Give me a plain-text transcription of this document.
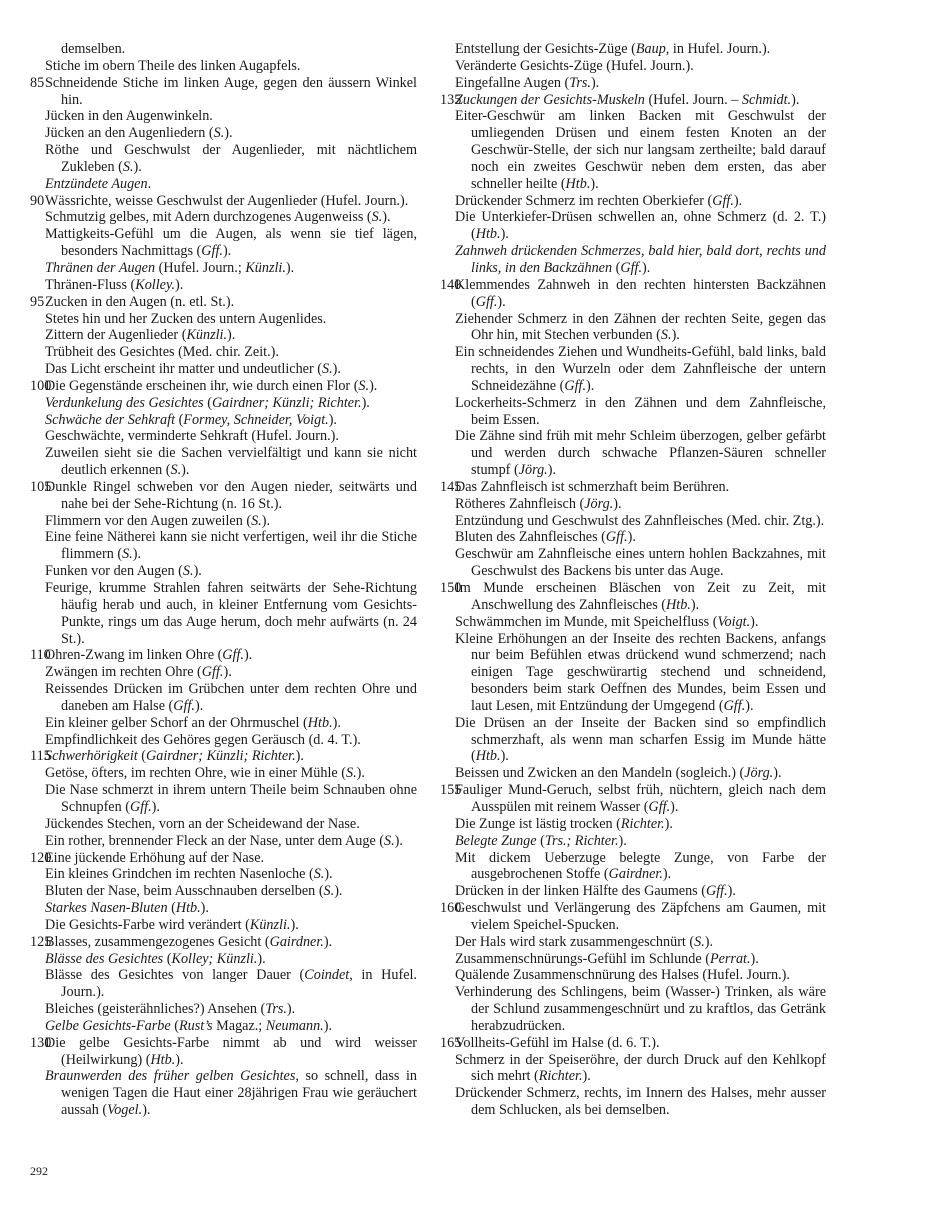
demselben.

Stiche im obern Theile des linken Augapfels.

85 Schneidende Stiche im linken Auge, gegen den äussern Winkel hin.

Jücken in den Augenwinkeln.

Jücken an den Augenliedern (S.).

Röthe und Geschwulst der Augenlieder, mit nächtlichem Zukleben (S.).

Entzündete Augen.

90 Wässrichte, weisse Geschwulst der Augenlieder (Hufel. Journ.).

Schmutzig gelbes, mit Adern durchzogenes Augenweiss (S.).

Mattigkeits-Gefühl um die Augen, als wenn sie tief lägen, besonders Nachmittags (Gff.).

Thränen der Augen (Hufel. Journ.; Künzli.).

Thränen-Fluss (Kolley.).

95 Zucken in den Augen (n. etl. St.).

Stetes hin und her Zucken des untern Augenlides.

Zittern der Augenlieder (Künzli.).

Trübheit des Gesichtes (Med. chir. Zeit.).

Das Licht erscheint ihr matter und undeutlicher (S.).

100
Die Gegenstände erscheinen ihr, wie durch einen Flor (S.).

Verdunkelung des Gesichtes (Gairdner; Künzli; Richter.).

Schwäche der Sehkraft (Formey, Schneider, Voigt.).

Geschwächte, verminderte Sehkraft (Hufel. Journ.).

Zuweilen sieht sie die Sachen vervielfältigt und kann sie nicht deutlich erkennen (S.).

105
Dunkle Ringel schweben vor den Augen nieder, seitwärts und nahe bei der Sehe-Richtung (n. 16 St.).

Flimmern vor den Augen zuweilen (S.).

Eine feine Nätherei kann sie nicht verfertigen, weil ihr die Stiche flimmern (S.).

Funken vor den Augen (S.).

Feurige, krumme Strahlen fahren seitwärts der Sehe-Richtung häufig herab und auch, in kleiner Entfernung vom Gesichts-Punkte, rings um das Auge herum, doch mehr aufwärts (n. 24 St.).

110
Ohren-Zwang im linken Ohre (Gff.).

Zwängen im rechten Ohre (Gff.).

Reissendes Drücken im Grübchen unter dem rechten Ohre und daneben am Halse (Gff.).

Ein kleiner gelber Schorf an der Ohrmuschel (Htb.).

Empfindlichkeit des Gehöres gegen Geräusch (d. 4. T.).

115
Schwerhörigkeit (Gairdner; Künzli; Richter.).

Getöse, öfters, im rechten Ohre, wie in einer Mühle (S.).

Die Nase schmerzt in ihrem untern Theile beim Schnauben ohne Schnupfen (Gff.).

Jückendes Stechen, vorn an der Scheidewand der Nase.

Ein rother, brennender Fleck an der Nase, unter dem Auge (S.).

120
Eine jückende Erhöhung auf der Nase.

Ein kleines Grindchen im rechten Nasenloche (S.).

Bluten der Nase, beim Ausschnauben derselben (S.).

Starkes Nasen-Bluten (Htb.).

Die Gesichts-Farbe wird verändert (Künzli.).

125
Blasses, zusammengezogenes Gesicht (Gairdner.).

Blässe des Gesichtes (Kolley; Künzli.).

Blässe des Gesichtes von langer Dauer (Coindet, in Hufel. Journ.).

Bleiches (geisterähnliches?) Ansehen (Trs.).

Gelbe Gesichts-Farbe (Rust’s Magaz.; Neumann.).

130
Die gelbe Gesichts-Farbe nimmt ab und wird weisser (Heilwirkung) (Htb.).

Braunwerden des früher gelben Gesichtes, so schnell, dass in wenigen Tagen die Haut einer 28jährigen Frau wie geräuchert aussah (Vogel.).

Entstellung der Gesichts-Züge (Baup, in Hufel. Journ.).

Veränderte Gesichts-Züge (Hufel. Journ.).

Eingefallne Augen (Trs.).

135
Zuckungen der Gesichts-Muskeln (Hufel. Journ. – Schmidt.).

Eiter-Geschwür am linken Backen mit Geschwulst der umliegenden Drüsen und einem festen Knoten an der Geschwür-Stelle, der sich nur langsam zertheilte; bald darauf noch ein zweites Geschwür neben dem ersten, das aber schneller heilte (Htb.).

Drückender Schmerz im rechten Oberkiefer (Gff.).

Die Unterkiefer-Drüsen schwellen an, ohne Schmerz (d. 2. T.) (Htb.).

Zahnweh drückenden Schmerzes, bald hier, bald dort, rechts und links, in den Backzähnen (Gff.).

140
Klemmendes Zahnweh in den rechten hintersten Backzähnen (Gff.).

Ziehender Schmerz in den Zähnen der rechten Seite, gegen das Ohr hin, mit Stechen verbunden (S.).

Ein schneidendes Ziehen und Wundheits-Gefühl, bald links, bald rechts, in den Wurzeln oder dem Zahnfleische der untern Schneidezähne (Gff.).

Lockerheits-Schmerz in den Zähnen und dem Zahnfleische, beim Essen.

Die Zähne sind früh mit mehr Schleim überzogen, gelber gefärbt und werden durch schwache Pflanzen-Säuren schneller stumpf (Jörg.).

145
Das Zahnfleisch ist schmerzhaft beim Berühren.

Rötheres Zahnfleisch (Jörg.).

Entzündung und Geschwulst des Zahnfleisches (Med. chir. Ztg.).

Bluten des Zahnfleisches (Gff.).

Geschwür am Zahnfleische eines untern hohlen Backzahnes, mit Geschwulst des Backens bis unter das Auge.

150
Im Munde erscheinen Bläschen von Zeit zu Zeit, mit Anschwellung des Zahnfleisches (Htb.).

Schwämmchen im Munde, mit Speichelfluss (Voigt.).

Kleine Erhöhungen an der Inseite des rechten Backens, anfangs nur beim Befühlen etwas drückend wund schmerzend; nach einigen Tage geschwürartig stechend und schneidend, besonders beim stark Oeffnen des Mundes, beim Essen und laut Lesen, mit Entzündung der Umgegend (Gff.).

Die Drüsen an der Inseite der Backen sind so empfindlich schmerzhaft, als wenn man scharfen Essig im Munde hätte (Htb.).

Beissen und Zwicken an den Mandeln (sogleich.) (Jörg.).

155
Fauliger Mund-Geruch, selbst früh, nüchtern, gleich nach dem Ausspülen mit reinem Wasser (Gff.).

Die Zunge ist lästig trocken (Richter.).

Belegte Zunge (Trs.; Richter.).

Mit dickem Ueberzuge belegte Zunge, von Farbe der ausgebrochenen Stoffe (Gairdner.).

Drücken in der linken Hälfte des Gaumens (Gff.).

160
Geschwulst und Verlängerung des Zäpfchens am Gaumen, mit vielem Speichel-Spucken.

Der Hals wird stark zusammengeschnürt (S.).

Zusammenschnürungs-Gefühl im Schlunde (Perrat.).

Quälende Zusammenschnürung des Halses (Hufel. Journ.).

Verhinderung des Schlingens, beim (Wasser-) Trinken, als wäre der Schlund zusammengeschnürt und zu kraftlos, das Getränk herabzudrücken.

165
Vollheits-Gefühl im Halse (d. 6. T.).

Schmerz in der Speiseröhre, der durch Druck auf den Kehlkopf sich mehrt (Richter.).

Drückender Schmerz, rechts, im Innern des Halses, mehr ausser dem Schlucken, als bei demselben.

292
